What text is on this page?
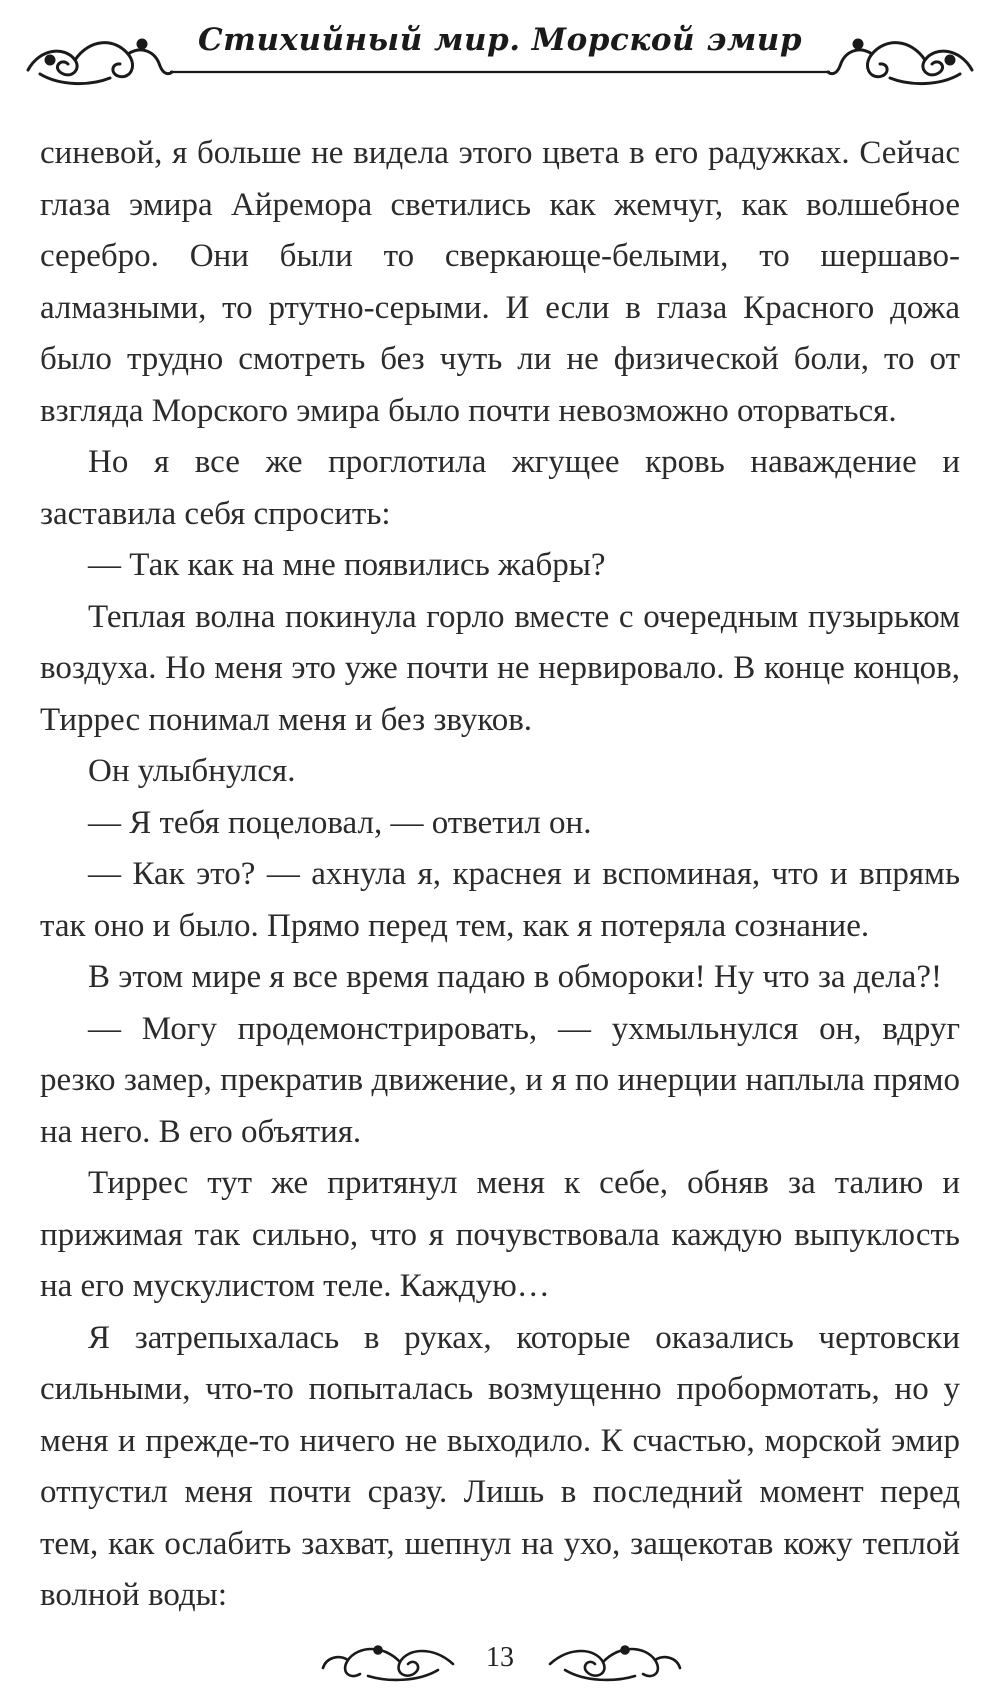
Стихийный мир. Морской эмир

синевой, я больше не видела этого цвета в его радужках. Сейчас глаза эмира Айремора светились как жемчуг, как волшебное серебро. Они были то сверкающе-белыми, то шершаво-алмазными, то ртутно-серыми. И если в глаза Красного дожа было трудно смотреть без чуть ли не физической боли, то от взгляда Морского эмира было почти невозможно оторваться.

Но я все же проглотила жгущее кровь наваждение и заставила себя спросить:

— Так как на мне появились жабры?

Теплая волна покинула горло вместе с очередным пузырьком воздуха. Но меня это уже почти не нервировало. В конце концов, Тиррес понимал меня и без звуков.

Он улыбнулся.

— Я тебя поцеловал, — ответил он.

— Как это? — ахнула я, краснея и вспоминая, что и впрямь так оно и было. Прямо перед тем, как я потеряла сознание.

В этом мире я все время падаю в обмороки! Ну что за дела?!

— Могу продемонстрировать, — ухмыльнулся он, вдруг резко замер, прекратив движение, и я по инерции наплыла прямо на него. В его объятия.

Тиррес тут же притянул меня к себе, обняв за талию и прижимая так сильно, что я почувствовала каждую выпуклость на его мускулистом теле. Каждую…

Я затрепыхалась в руках, которые оказались чертовски сильными, что-то попыталась возмущенно пробормотать, но у меня и прежде-то ничего не выходило. К счастью, морской эмир отпустил меня почти сразу. Лишь в последний момент перед тем, как ослабить захват, шепнул на ухо, защекотав кожу теплой волной воды:

13
